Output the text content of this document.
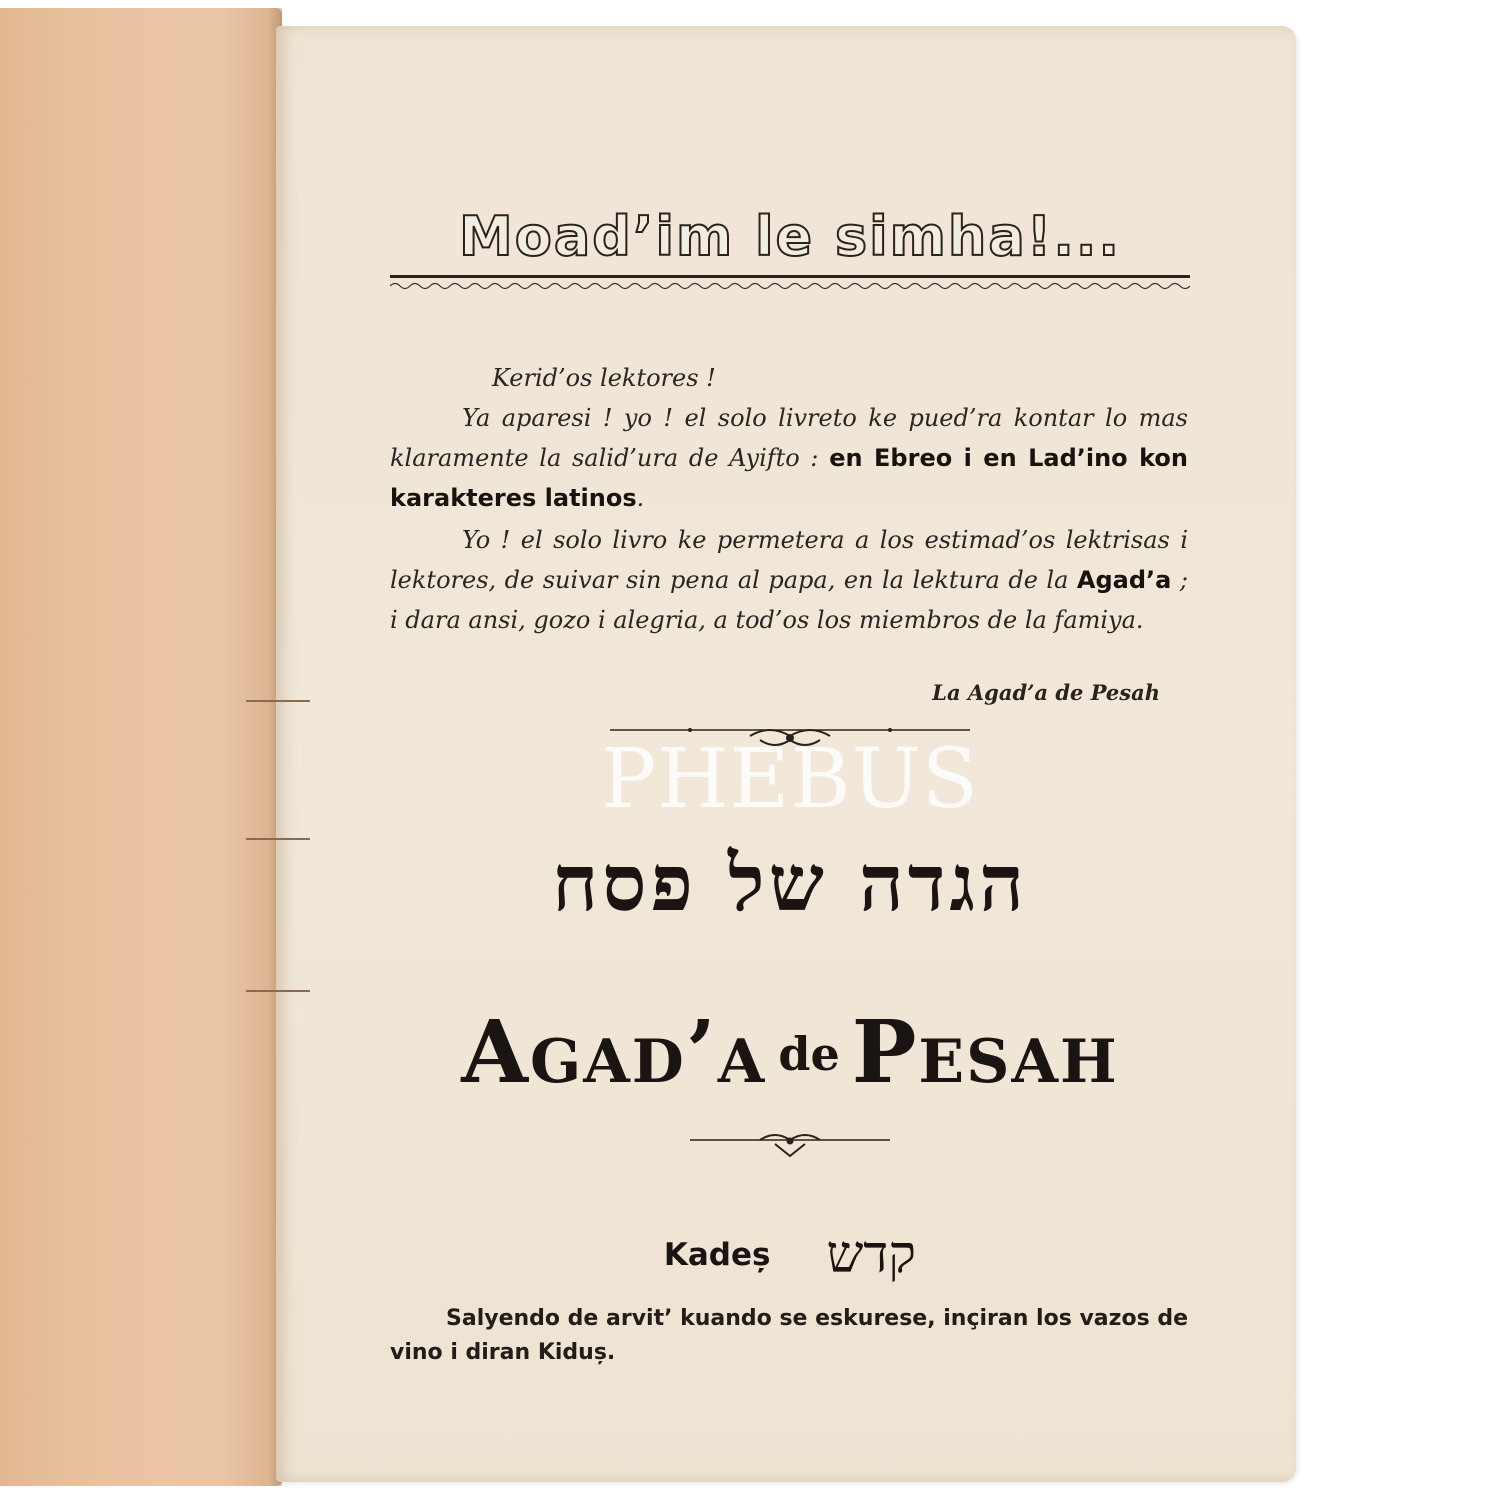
Moad’im le simha!...
Kerid’os lektores !

Ya aparesi ! yo ! el solo livreto ke pued’ra kontar lo mas klaramente la salid’ura de Ayifto : en Ebreo i en Lad’ino kon karakteres latinos.

Yo ! el solo livro ke permetera a los estimad’os lektrisas i lektores, de suivar sin pena al papa, en la lektura de la Agad’a ; i dara ansi, gozo i alegria, a tod’os los miembros de la famiya.

La Agad’a de Pesah
PHEBUS
הגדה של פסח
Agad’a de Pesah
Kadeș קדש

Salyendo de arvit’ kuando se eskurese, inçiran los vazos de vino i diran Kiduș.
